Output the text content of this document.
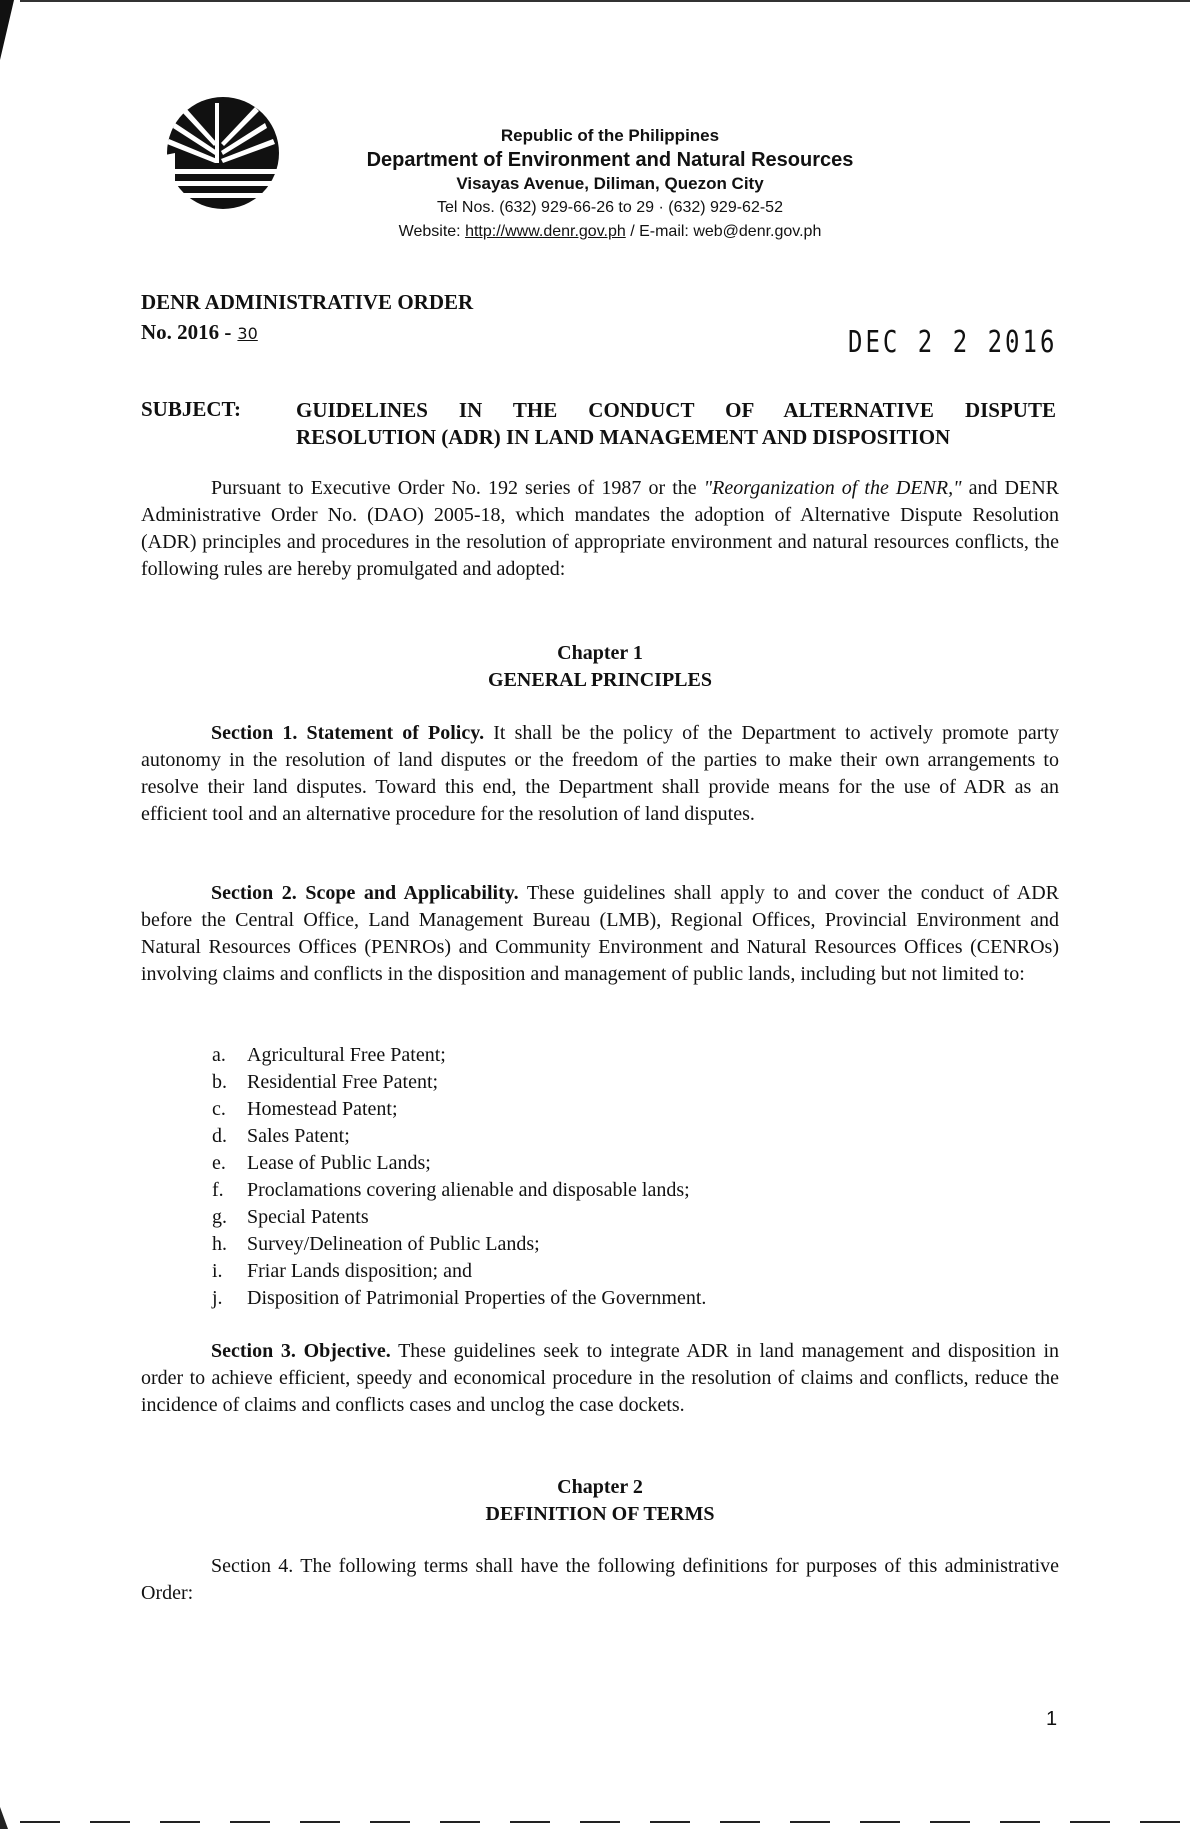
Republic of the Philippines
Department of Environment and Natural Resources
Visayas Avenue, Diliman, Quezon City
Tel Nos. (632) 929-66-26 to 29 · (632) 929-62-52
Website: http://www.denr.gov.ph / E-mail: web@denr.gov.ph
DENR ADMINISTRATIVE ORDER
No. 2016 - 30	DEC 2 2 2016
SUBJECT:	GUIDELINES IN THE CONDUCT OF ALTERNATIVE DISPUTE
RESOLUTION (ADR) IN LAND MANAGEMENT AND DISPOSITION

Pursuant to Executive Order No. 192 series of 1987 or the "Reorganization of the DENR," and DENR Administrative Order No. (DAO) 2005-18, which mandates the adoption of Alternative Dispute Resolution (ADR) principles and procedures in the resolution of appropriate environment and natural resources conflicts, the following rules are hereby promulgated and adopted:

Chapter 1
GENERAL PRINCIPLES

Section 1. Statement of Policy. It shall be the policy of the Department to actively promote party autonomy in the resolution of land disputes or the freedom of the parties to make their own arrangements to resolve their land disputes. Toward this end, the Department shall provide means for the use of ADR as an efficient tool and an alternative procedure for the resolution of land disputes.

Section 2. Scope and Applicability. These guidelines shall apply to and cover the conduct of ADR before the Central Office, Land Management Bureau (LMB), Regional Offices, Provincial Environment and Natural Resources Offices (PENROs) and Community Environment and Natural Resources Offices (CENROs) involving claims and conflicts in the disposition and management of public lands, including but not limited to:

a.	Agricultural Free Patent;
b.	Residential Free Patent;
c.	Homestead Patent;
d.	Sales Patent;
e.	Lease of Public Lands;
f.	Proclamations covering alienable and disposable lands;
g.	Special Patents
h.	Survey/Delineation of Public Lands;
i.	Friar Lands disposition; and
j.	Disposition of Patrimonial Properties of the Government.

Section 3. Objective. These guidelines seek to integrate ADR in land management and disposition in order to achieve efficient, speedy and economical procedure in the resolution of claims and conflicts, reduce the incidence of claims and conflicts cases and unclog the case dockets.

Chapter 2
DEFINITION OF TERMS

Section 4. The following terms shall have the following definitions for purposes of this administrative Order:

1
